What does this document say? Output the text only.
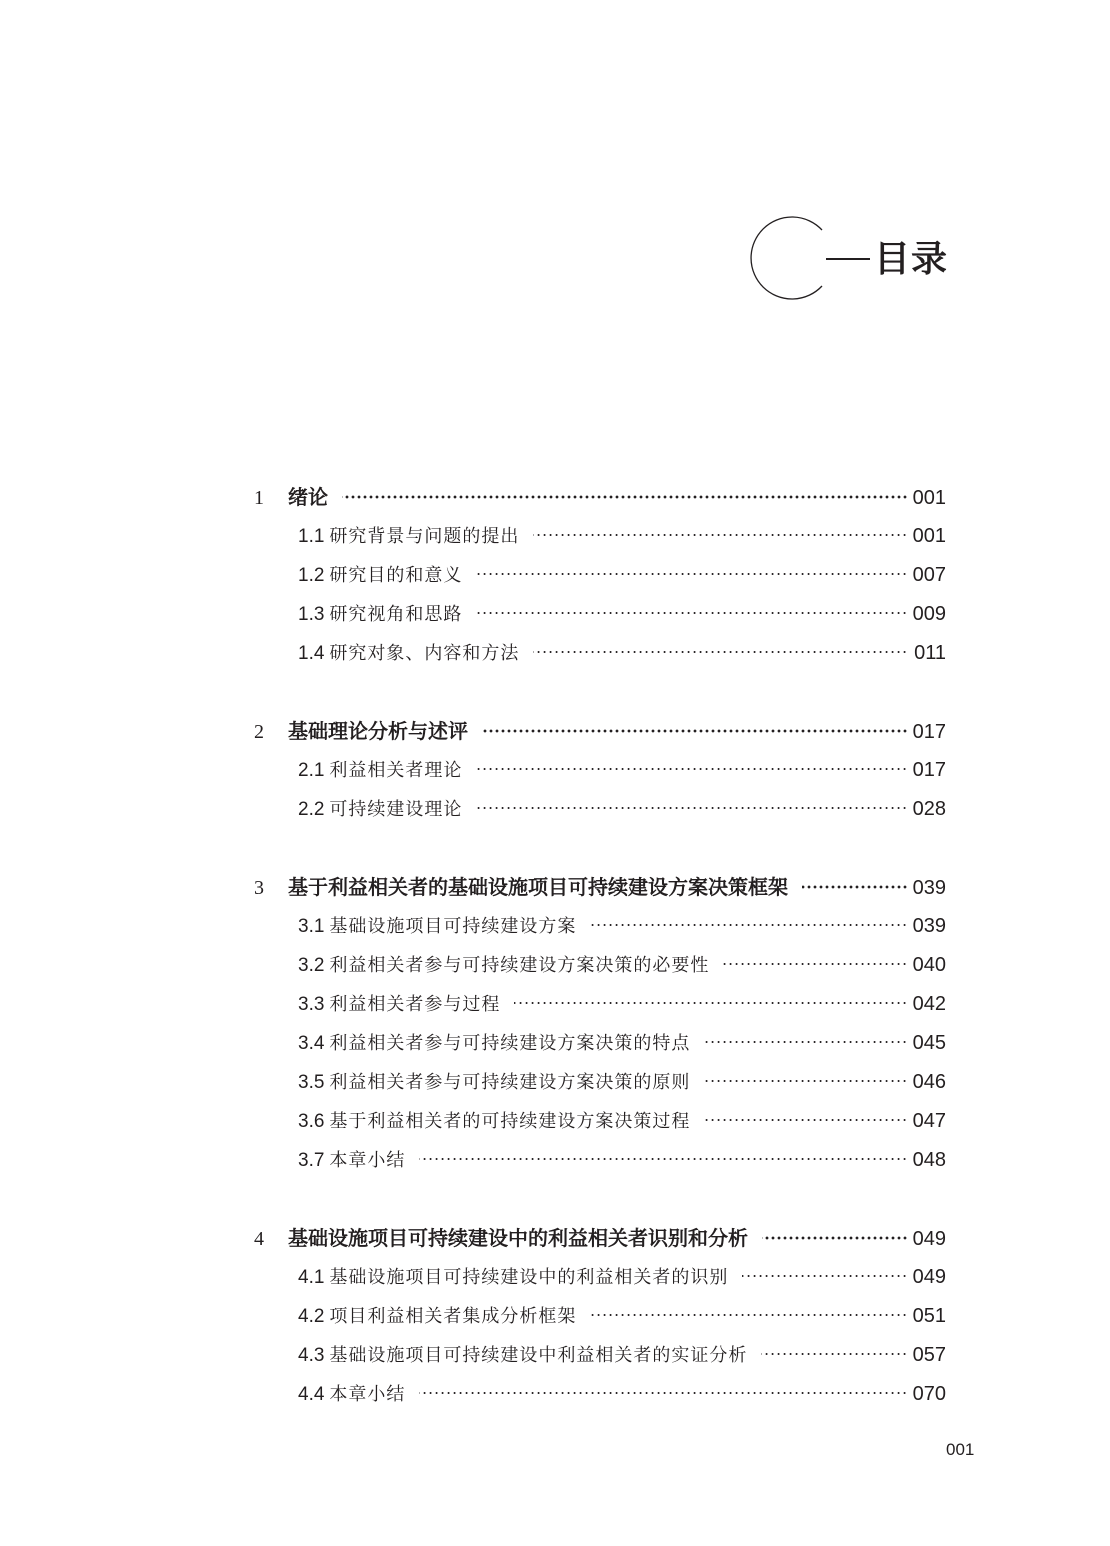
目录
1	绪论	001
1.1 研究背景与问题的提出	001
1.2 研究目的和意义	007
1.3 研究视角和思路	009
1.4 研究对象、内容和方法	011
2	基础理论分析与述评	017
2.1 利益相关者理论	017
2.2 可持续建设理论	028
3	基于利益相关者的基础设施项目可持续建设方案决策框架	039
3.1 基础设施项目可持续建设方案	039
3.2 利益相关者参与可持续建设方案决策的必要性	040
3.3 利益相关者参与过程	042
3.4 利益相关者参与可持续建设方案决策的特点	045
3.5 利益相关者参与可持续建设方案决策的原则	046
3.6 基于利益相关者的可持续建设方案决策过程	047
3.7 本章小结	048
4	基础设施项目可持续建设中的利益相关者识别和分析	049
4.1 基础设施项目可持续建设中的利益相关者的识别	049
4.2 项目利益相关者集成分析框架	051
4.3 基础设施项目可持续建设中利益相关者的实证分析	057
4.4 本章小结	070
001
